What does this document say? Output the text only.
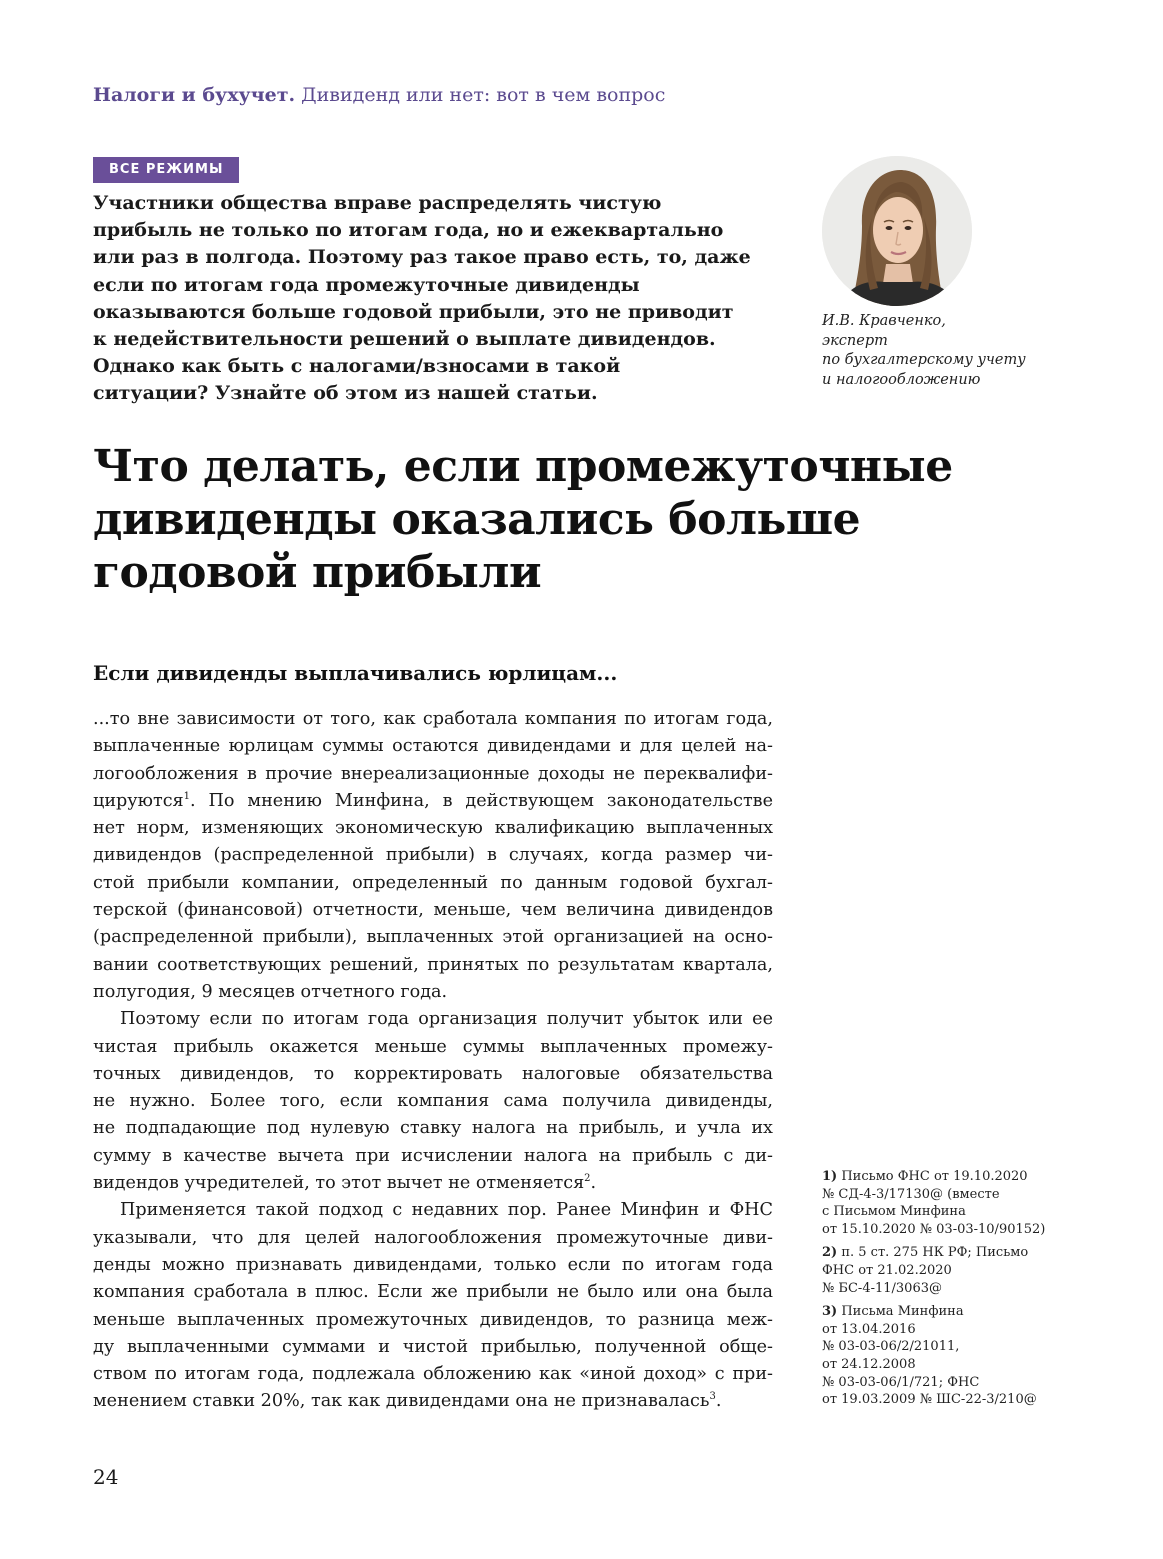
Налоги и бухучет. Дивиденд или нет: вот в чем вопрос
ВСЕ РЕЖИМЫ
Участники общества вправе распределять чистую
прибыль не только по итогам года, но и ежеквартально
или раз в полгода. Поэтому раз такое право есть, то, даже
если по итогам года промежуточные дивиденды
оказываются больше годовой прибыли, это не приводит
к недействительности решений о выплате дивидендов.
Однако как быть с налогами/взносами в такой
ситуации? Узнайте об этом из нашей статьи.
И.В. Кравченко,
эксперт
по бухгалтерскому учету
и налогообложению
Что делать, если промежуточные
дивиденды оказались больше
годовой прибыли
Если дивиденды выплачивались юрлицам...
...то вне зависимости от того, как сработала компания по итогам года,
выплаченные юрлицам суммы остаются дивидендами и для целей на-
логообложения в прочие внереализационные доходы не переквалифи-
цируются$^1$. По мнению Минфина, в действующем законодательстве
нет норм, изменяющих экономическую квалификацию выплаченных
дивидендов (распределенной прибыли) в случаях, когда размер чи-
стой прибыли компании, определенный по данным годовой бухгал-
терской (финансовой) отчетности, меньше, чем величина дивидендов
(распределенной прибыли), выплаченных этой организацией на осно-
вании соответствующих решений, принятых по результатам квартала,
полугодия, 9 месяцев отчетного года.
Поэтому если по итогам года организация получит убыток или ее
чистая прибыль окажется меньше суммы выплаченных промежу-
точных дивидендов, то корректировать налоговые обязательства
не нужно. Более того, если компания сама получила дивиденды,
не подпадающие под нулевую ставку налога на прибыль, и учла их
сумму в качестве вычета при исчислении налога на прибыль с ди-
видендов учредителей, то этот вычет не отменяется$^2$.
Применяется такой подход с недавних пор. Ранее Минфин и ФНС
указывали, что для целей налогообложения промежуточные диви-
денды можно признавать дивидендами, только если по итогам года
компания сработала в плюс. Если же прибыли не было или она была
меньше выплаченных промежуточных дивидендов, то разница меж-
ду выплаченными суммами и чистой прибылью, полученной обще-
ством по итогам года, подлежала обложению как «иной доход» с при-
менением ставки 20%, так как дивидендами она не признавалась$^3$.
1) Письмо ФНС от 19.10.2020
№ СД-4-3/17130@ (вместе
с Письмом Минфина
от 15.10.2020 № 03-03-10/90152)
2) п. 5 ст. 275 НК РФ; Письмо
ФНС от 21.02.2020
№ БС-4-11/3063@
3) Письма Минфина
от 13.04.2016
№ 03-03-06/2/21011,
от 24.12.2008
№ 03-03-06/1/721; ФНС
от 19.03.2009 № ШС-22-3/210@
24
